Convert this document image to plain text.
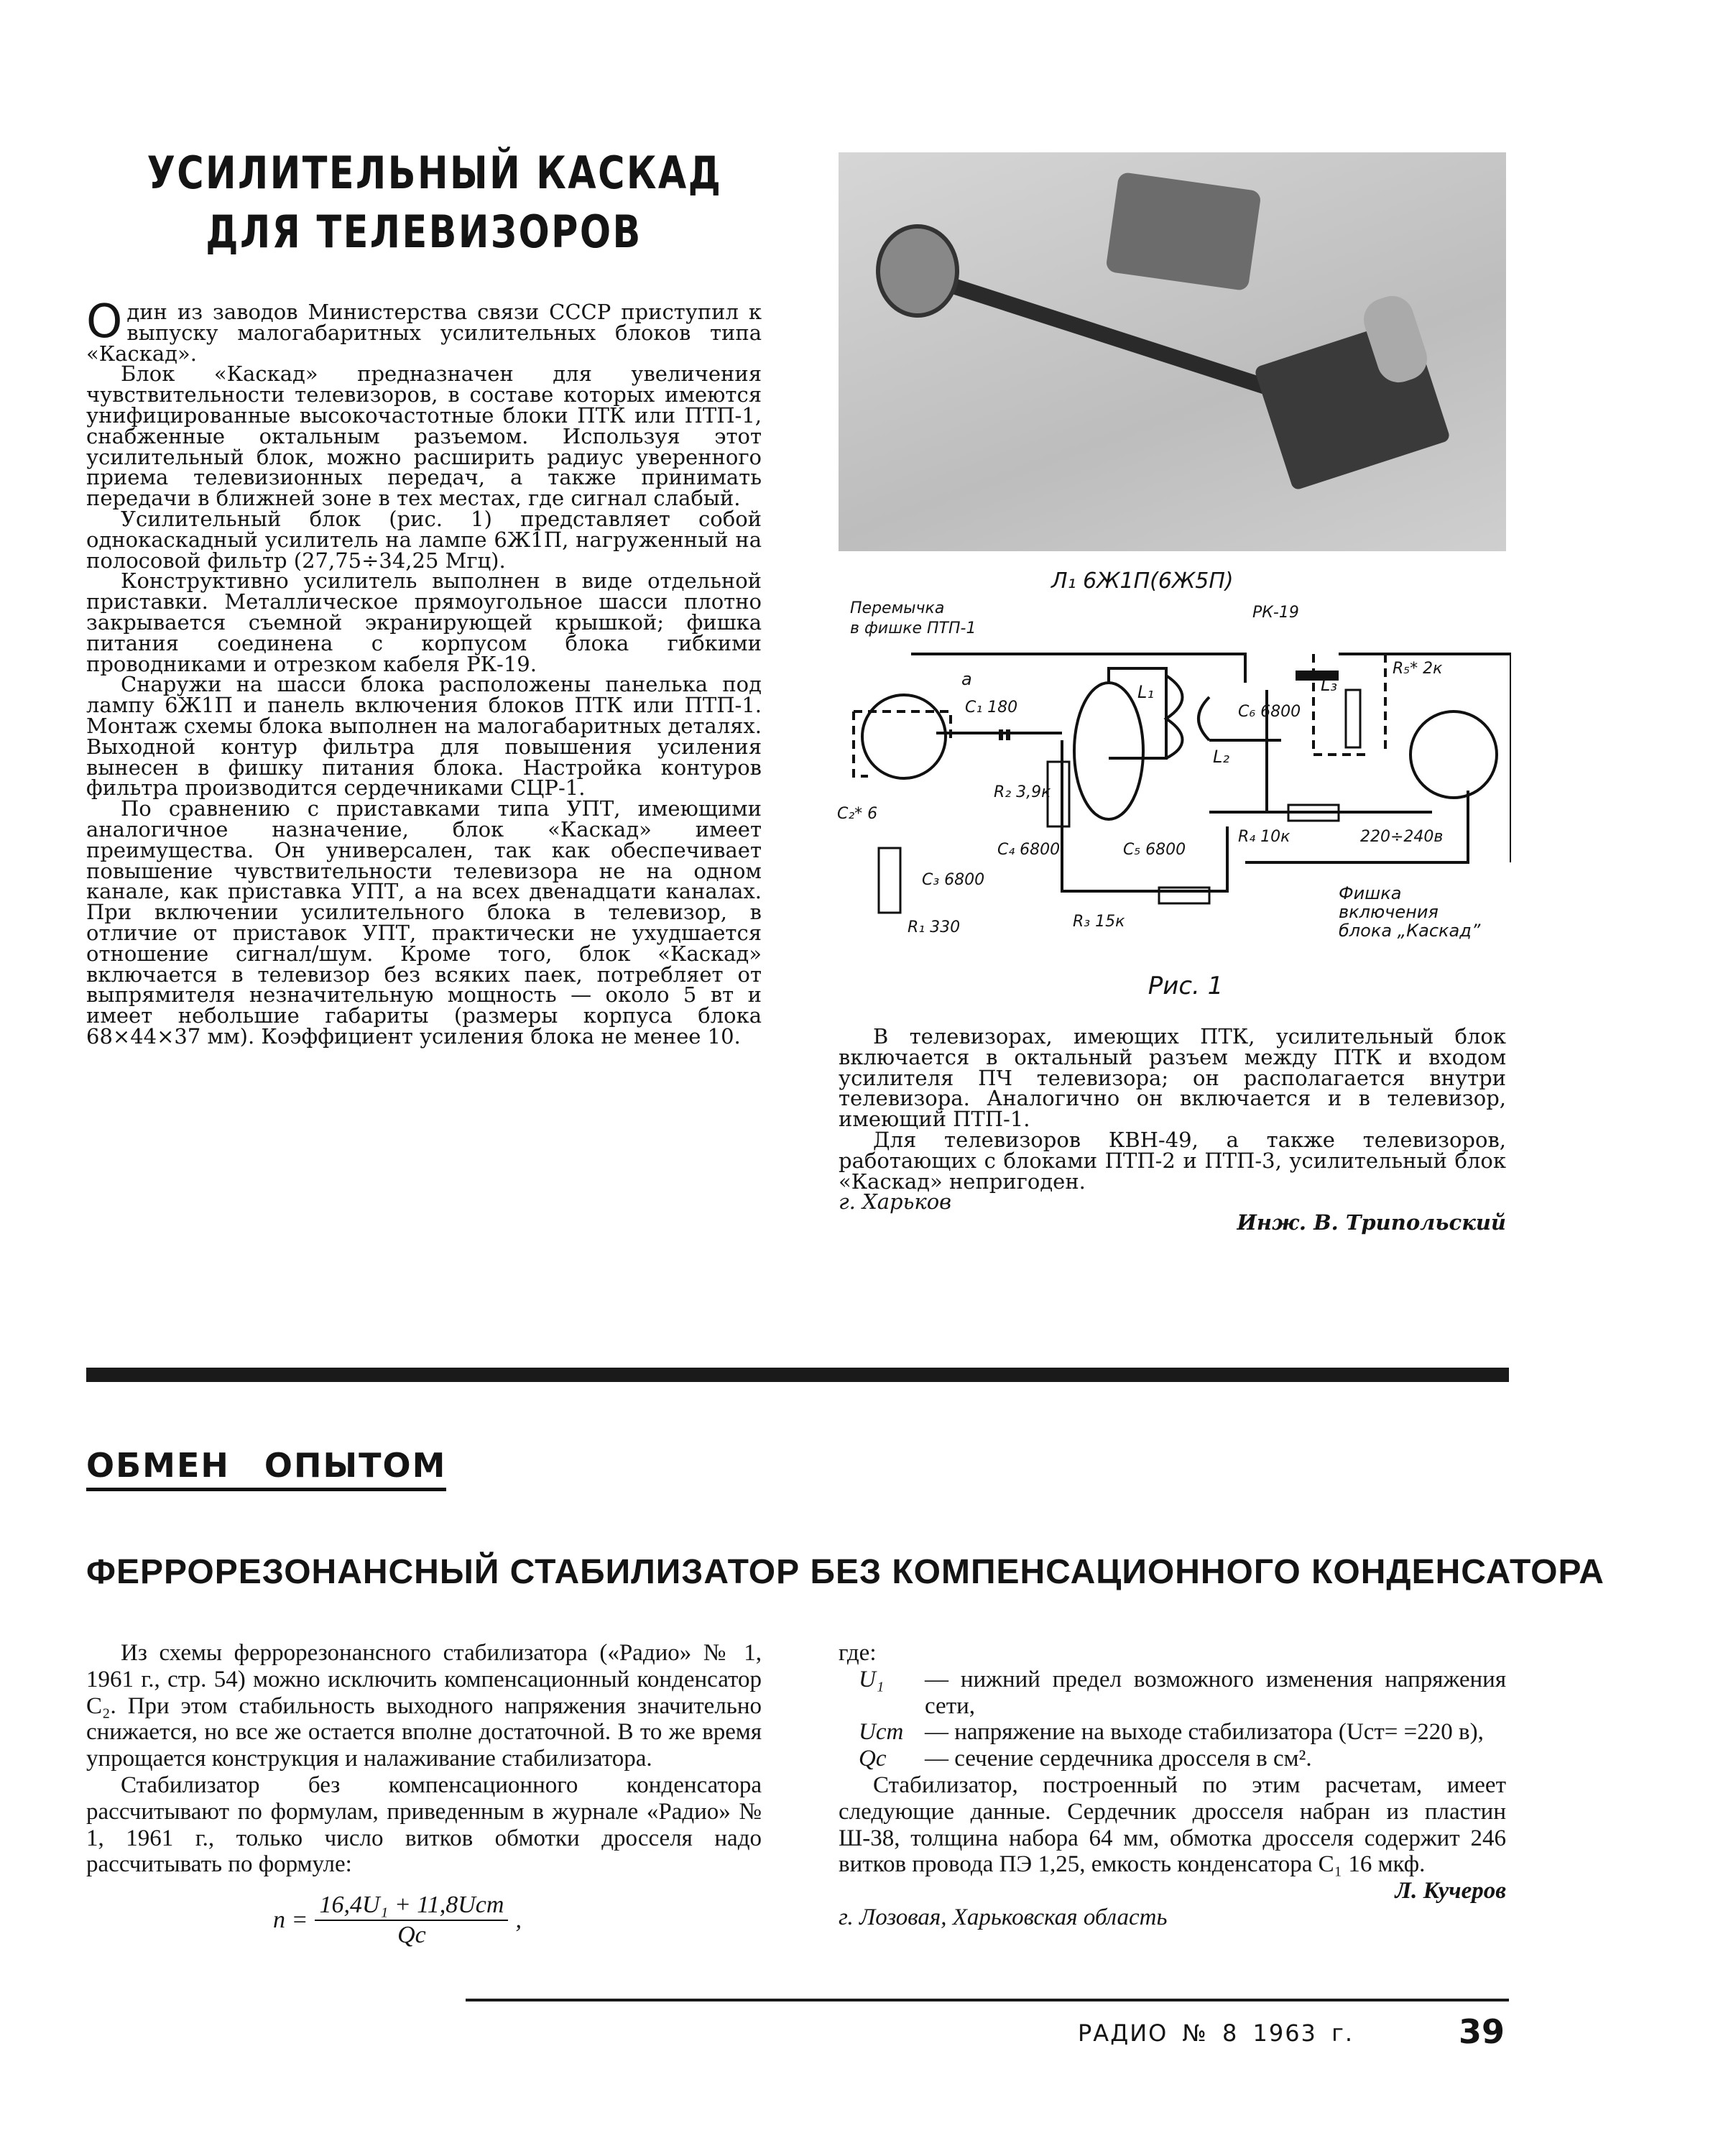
УСИЛИТЕЛЬНЫЙ КАСКАД
ДЛЯ ТЕЛЕВИЗОРОВ

Один из заводов Министерства связи СССР приступил к выпуску малогабаритных усилительных блоков типа «Каскад».

Блок «Каскад» предназначен для увеличения чувствительности телевизоров, в составе которых имеются унифицированные высокочастотные блоки ПТК или ПТП-1, снабженные октальным разъемом. Используя этот усилительный блок, можно расширить радиус уверенного приема телевизионных передач, а также принимать передачи в ближней зоне в тех местах, где сигнал слабый.

Усилительный блок (рис. 1) представляет собой однокаскадный усилитель на лампе 6Ж1П, нагруженный на полосовой фильтр (27,75÷34,25 Мгц).

Конструктивно усилитель выполнен в виде отдельной приставки. Металлическое прямоугольное шасси плотно закрывается съемной экранирующей крышкой; фишка питания соединена с корпусом блока гибкими проводниками и отрезком кабеля РК-19.

Снаружи на шасси блока расположены панелька под лампу 6Ж1П и панель включения блоков ПТК или ПТП-1. Монтаж схемы блока выполнен на малогабаритных деталях. Выходной контур фильтра для повышения усиления вынесен в фишку питания блока. Настройка контуров фильтра производится сердечниками СЦР-1.

По сравнению с приставками типа УПТ, имеющими аналогичное назначение, блок «Каскад» имеет преимущества. Он универсален, так как обеспечивает повышение чувствительности телевизора не на одном канале, как приставка УПТ, а на всех двенадцати каналах. При включении усилительного блока в телевизор, в отличие от приставок УПТ, практически не ухудшается отношение сигнал/шум. Кроме того, блок «Каскад» включается в телевизор без всяких паек, потребляет от выпрямителя незначительную мощность — около 5 вт и имеет небольшие габариты (размеры корпуса блока 68×44×37 мм). Коэффициент усиления блока не менее 10.

Л₁ 6Ж1П(6Ж5П)
Перемычка
в фишке ПТП-1
РК-19
C₁ 180
C₂* 6
C₃ 6800
C₄ 6800	C₅ 6800
C₆ 6800
R₁ 330
R₂ 3,9к
R₃ 15к
R₄ 10к
R₅* 2к
L₁
L₂
L₃
220÷240в
а
Фишка
включения
блока „Каскад”
Рис. 1

В телевизорах, имеющих ПТК, усилительный блок включается в октальный разъем между ПТК и входом усилителя ПЧ телевизора; он располагается внутри телевизора. Аналогично он включается и в телевизор, имеющий ПТП-1.

Для телевизоров КВН-49, а также телевизоров, работающих с блоками ПТП-2 и ПТП-3, усилительный блок «Каскад» непригоден.

г. Харьков
Инж. В. Трипольский
ОБМЕН ОПЫТОМ
ФЕРРОРЕЗОНАНСНЫЙ СТАБИЛИЗАТОР БЕЗ КОМПЕНСАЦИОННОГО КОНДЕНСАТОРА

Из схемы феррорезонансного стабилизатора («Радио» № 1, 1961 г., стр. 54) можно исключить компенсационный конденсатор C₂. При этом стабильность выходного напряжения значительно снижается, но все же остается вполне достаточной. В то же время упрощается конструкция и налаживание стабилизатора.

Стабилизатор без компенсационного конденсатора рассчитывают по формулам, приведенным в журнале «Радио» № 1, 1961 г., только число витков обмотки дросселя надо рассчитывать по формуле:

$n = \frac{\text{16,4U₁ + 11,8Uст}}{Qc}$ ,
где:
U₁	— нижний предел возможного изменения напряжения сети,
Uст — напряжение на выходе стабилизатора (Uст= =220 в),
Qc	— сечение сердечника дросселя в см².

Стабилизатор, построенный по этим расчетам, имеет следующие данные. Сердечник дросселя набран из пластин Ш-38, толщина набора 64 мм, обмотка дросселя содержит 246 витков провода ПЭ 1,25, емкость конденсатора C₁ 16 мкф.

Л. Кучеров
г. Лозовая, Харьковская область
РАДИО № 8 1963 г.	39
